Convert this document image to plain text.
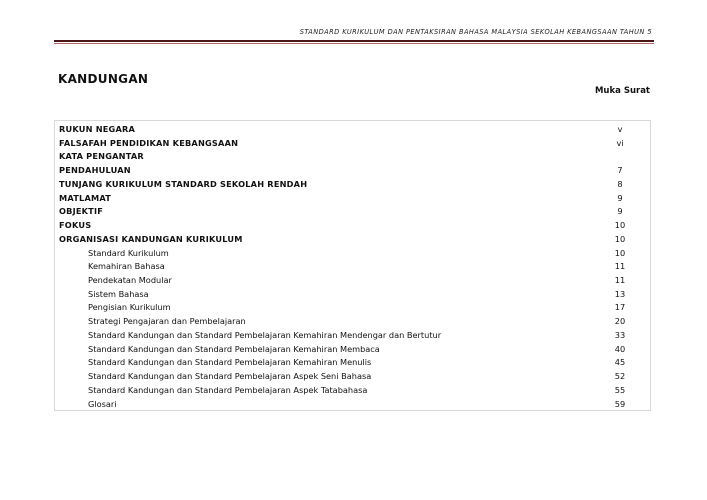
STANDARD KURIKULUM DAN PENTAKSIRAN BAHASA MALAYSIA SEKOLAH KEBANGSAAN TAHUN 5
KANDUNGAN
Muka Surat
RUKUN NEGARA	v
FALSAFAH PENDIDIKAN KEBANGSAAN	vi
KATA PENGANTAR
PENDAHULUAN	7
TUNJANG KURIKULUM STANDARD SEKOLAH RENDAH	8
MATLAMAT	9
OBJEKTIF	9
FOKUS	10
ORGANISASI KANDUNGAN KURIKULUM	10
Standard Kurikulum	10
Kemahiran Bahasa	11
Pendekatan Modular	11
Sistem Bahasa	13
Pengisian Kurikulum	17
Strategi Pengajaran dan Pembelajaran	20
Standard Kandungan dan Standard Pembelajaran Kemahiran Mendengar dan Bertutur	33
Standard Kandungan dan Standard Pembelajaran Kemahiran Membaca	40
Standard Kandungan dan Standard Pembelajaran Kemahiran Menulis	45
Standard Kandungan dan Standard Pembelajaran Aspek Seni Bahasa	52
Standard Kandungan dan Standard Pembelajaran Aspek Tatabahasa	55
Glosari	59
